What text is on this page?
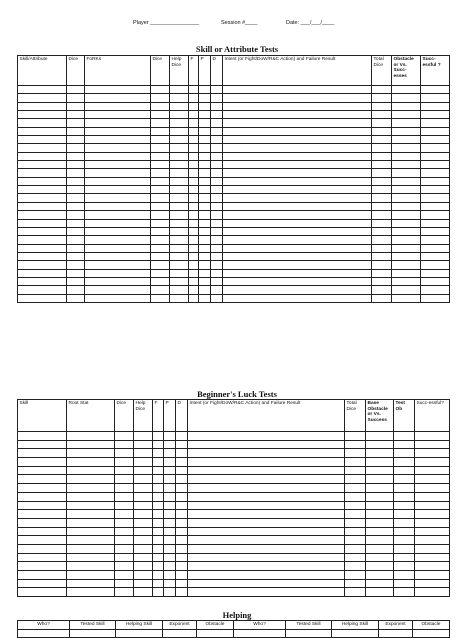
Player ________________	Session #____	Date: ___/___/____
Skill or Attribute Tests
Skill/Attribute	Dice	FoRKs	Dice	Help Dice	F	P	D	Intent (or Fight/DoW/R&C Action) and Failure Result	Total Dice	Obstacle or Vs. Succ-esses	Succ-essful ?

Beginner's Luck Tests
Skill	Root Stat	Dice	Help Dice	F	P	D	Intent (or Fight/DoW/R&C Action) and Failure Result	Total Dice	Base Obstacle or Vs. Success	Test Ob	Succ-essful?

Helping
Who?	Tested Skill	Helping Skill	Exponent	Obstacle	Who?	Tested Skill	Helping Skill	Exponent	Obstacle
